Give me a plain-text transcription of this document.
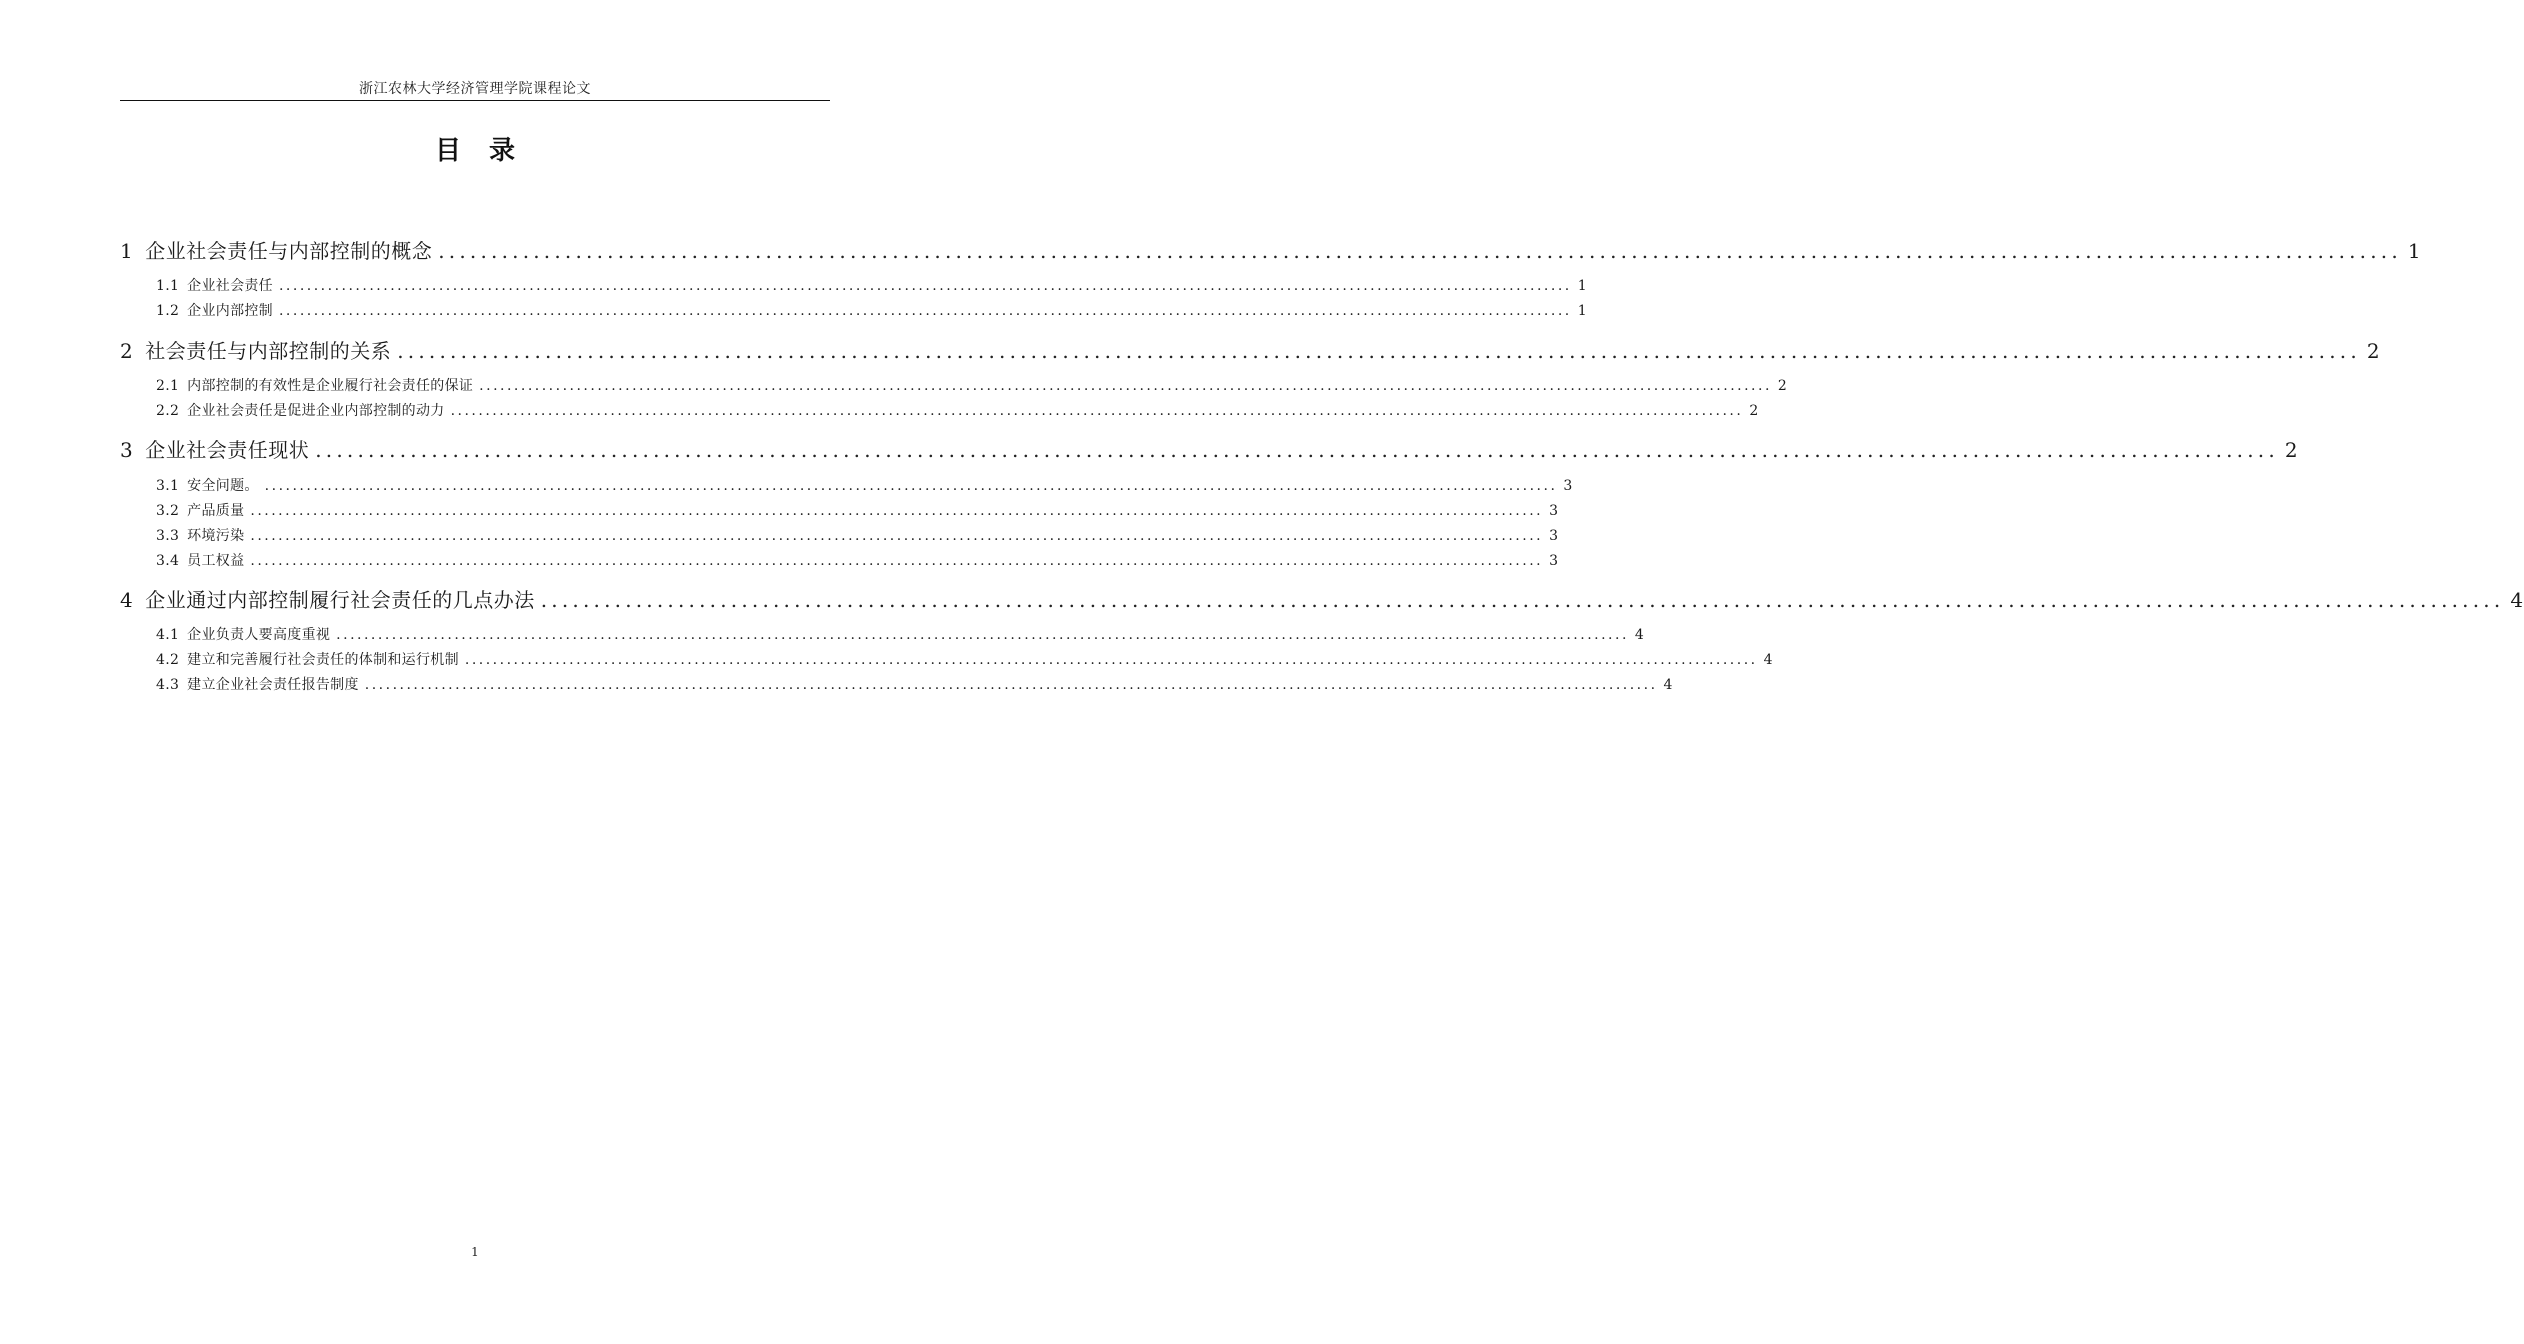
浙江农林大学经济管理学院课程论文
目录
1 企业社会责任与内部控制的概念 .......................................................................................................................................................................................... 1
1.1 企业社会责任 .......................................................................................................................................................................................... 1
1.2 企业内部控制 .......................................................................................................................................................................................... 1
2 社会责任与内部控制的关系 .......................................................................................................................................................................................... 2
2.1 内部控制的有效性是企业履行社会责任的保证 .......................................................................................................................................................................................... 2
2.2 企业社会责任是促进企业内部控制的动力 .......................................................................................................................................................................................... 2
3 企业社会责任现状 .......................................................................................................................................................................................... 2
3.1 安全问题。 .......................................................................................................................................................................................... 3
3.2 产品质量 .......................................................................................................................................................................................... 3
3.3 环境污染 .......................................................................................................................................................................................... 3
3.4 员工权益 .......................................................................................................................................................................................... 3
4 企业通过内部控制履行社会责任的几点办法 .......................................................................................................................................................................................... 4
4.1 企业负责人要高度重视 .......................................................................................................................................................................................... 4
4.2 建立和完善履行社会责任的体制和运行机制 .......................................................................................................................................................................................... 4
4.3 建立企业社会责任报告制度 .......................................................................................................................................................................................... 4
1
